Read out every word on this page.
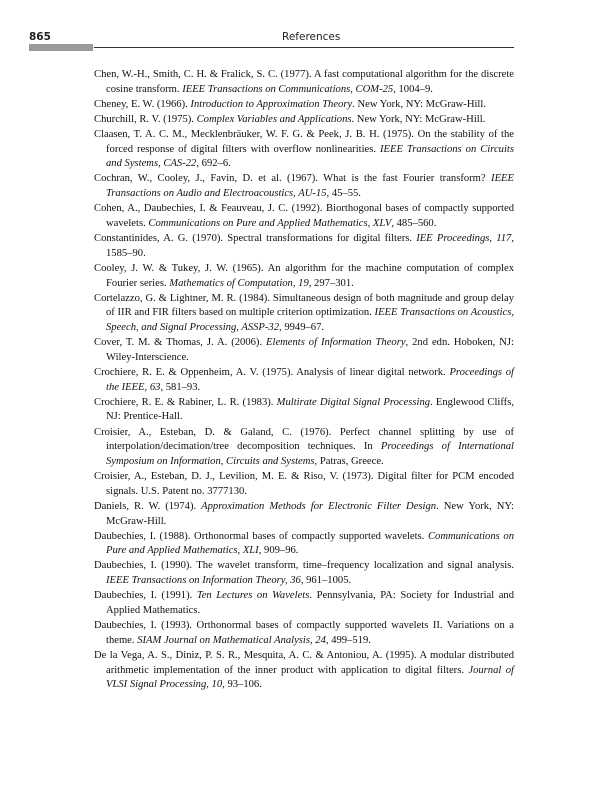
865	References
Chen, W.-H., Smith, C. H. & Fralick, S. C. (1977). A fast computational algorithm for the discrete cosine transform. IEEE Transactions on Communications, COM-25, 1004–9.
Cheney, E. W. (1966). Introduction to Approximation Theory. New York, NY: McGraw-Hill.
Churchill, R. V. (1975). Complex Variables and Applications. New York, NY: McGraw-Hill.
Claasen, T. A. C. M., Mecklenbräuker, W. F. G. & Peek, J. B. H. (1975). On the stability of the forced response of digital filters with overflow nonlinearities. IEEE Transactions on Circuits and Systems, CAS-22, 692–6.
Cochran, W., Cooley, J., Favin, D. et al. (1967). What is the fast Fourier transform? IEEE Transactions on Audio and Electroacoustics, AU-15, 45–55.
Cohen, A., Daubechies, I. & Feauveau, J. C. (1992). Biorthogonal bases of compactly supported wavelets. Communications on Pure and Applied Mathematics, XLV, 485–560.
Constantinides, A. G. (1970). Spectral transformations for digital filters. IEE Proceedings, 117, 1585–90.
Cooley, J. W. & Tukey, J. W. (1965). An algorithm for the machine computation of complex Fourier series. Mathematics of Computation, 19, 297–301.
Cortelazzo, G. & Lightner, M. R. (1984). Simultaneous design of both magnitude and group delay of IIR and FIR filters based on multiple criterion optimization. IEEE Transactions on Acoustics, Speech, and Signal Processing, ASSP-32, 9949–67.
Cover, T. M. & Thomas, J. A. (2006). Elements of Information Theory, 2nd edn. Hoboken, NJ: Wiley-Interscience.
Crochiere, R. E. & Oppenheim, A. V. (1975). Analysis of linear digital network. Proceedings of the IEEE, 63, 581–93.
Crochiere, R. E. & Rabiner, L. R. (1983). Multirate Digital Signal Processing. Englewood Cliffs, NJ: Prentice-Hall.
Croisier, A., Esteban, D. & Galand, C. (1976). Perfect channel splitting by use of interpolation/decimation/tree decomposition techniques. In Proceedings of International Symposium on Information, Circuits and Systems, Patras, Greece.
Croisier, A., Esteban, D. J., Levilion, M. E. & Riso, V. (1973). Digital filter for PCM encoded signals. U.S. Patent no. 3777130.
Daniels, R. W. (1974). Approximation Methods for Electronic Filter Design. New York, NY: McGraw-Hill.
Daubechies, I. (1988). Orthonormal bases of compactly supported wavelets. Communications on Pure and Applied Mathematics, XLI, 909–96.
Daubechies, I. (1990). The wavelet transform, time–frequency localization and signal analysis. IEEE Transactions on Information Theory, 36, 961–1005.
Daubechies, I. (1991). Ten Lectures on Wavelets. Pennsylvania, PA: Society for Industrial and Applied Mathematics.
Daubechies, I. (1993). Orthonormal bases of compactly supported wavelets II. Variations on a theme. SIAM Journal on Mathematical Analysis, 24, 499–519.
De la Vega, A. S., Diniz, P. S. R., Mesquita, A. C. & Antoniou, A. (1995). A modular distributed arithmetic implementation of the inner product with application to digital filters. Journal of VLSI Signal Processing, 10, 93–106.
